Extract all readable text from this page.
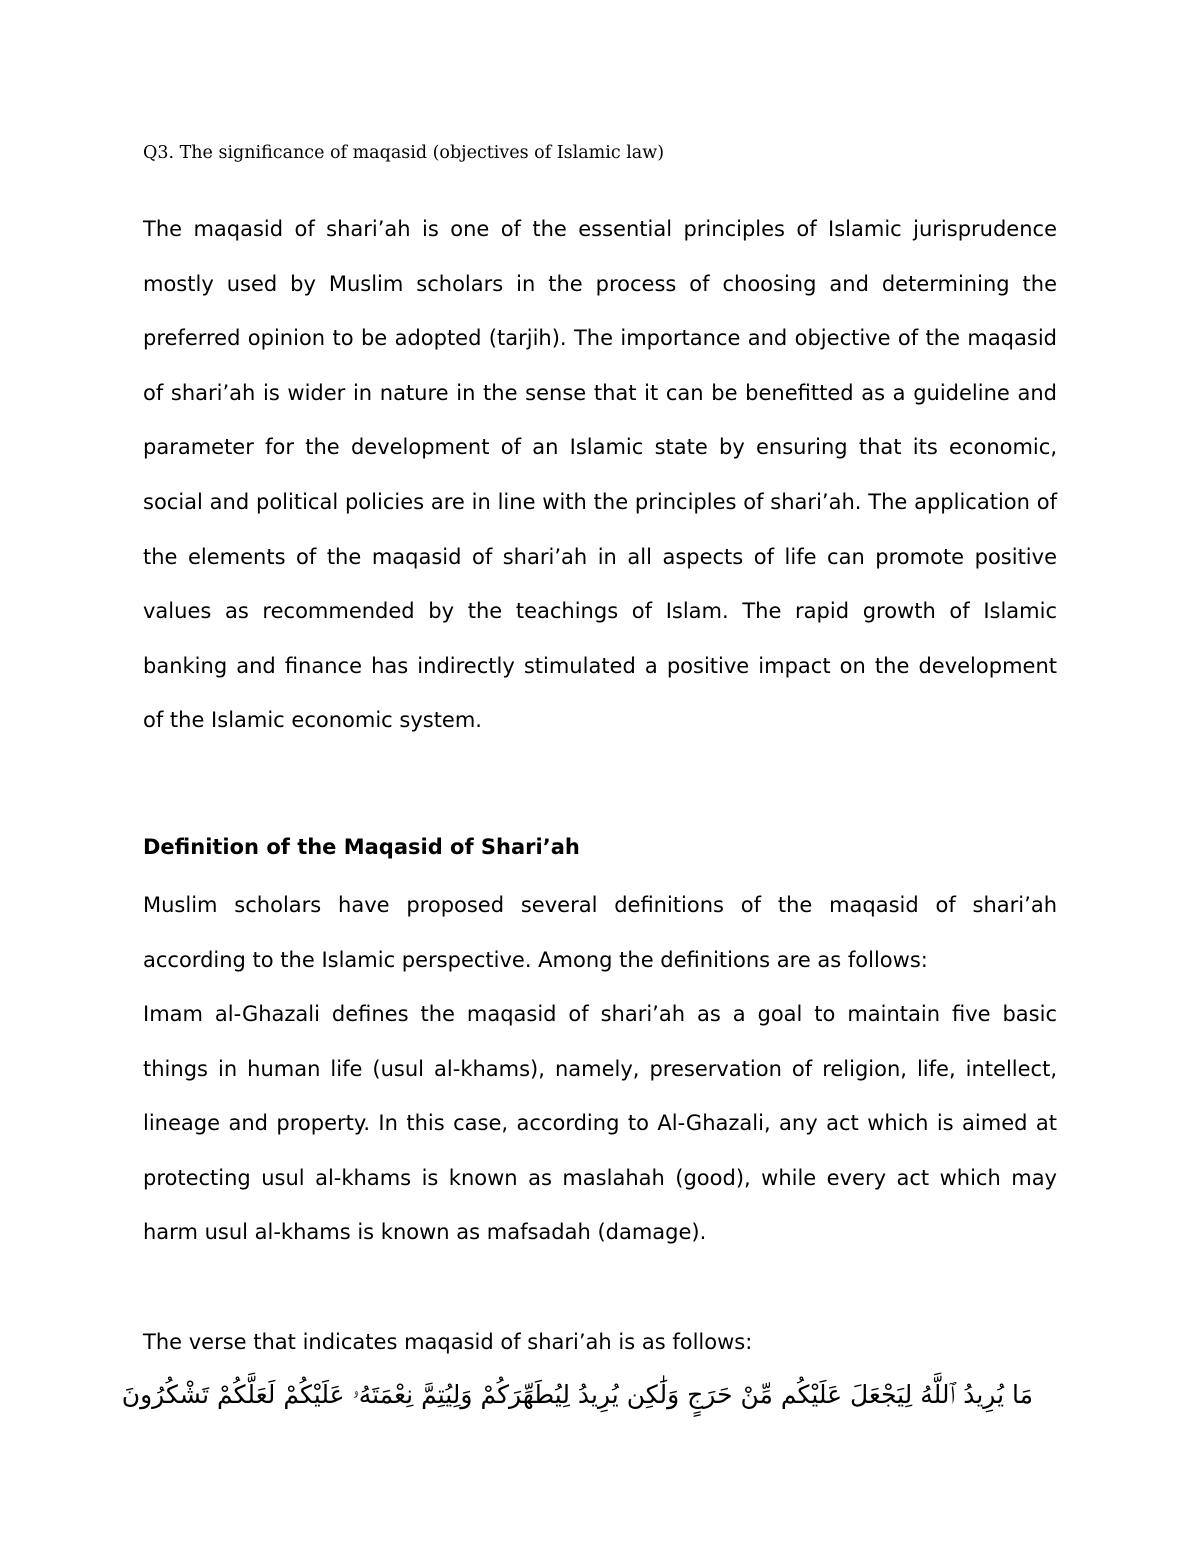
Q3. The significance of maqasid (objectives of Islamic law)

The maqasid of shari’ah is one of the essential principles of Islamic jurisprudence mostly used by Muslim scholars in the process of choosing and determining the preferred opinion to be adopted (tarjih). The importance and objective of the maqasid of shari’ah is wider in nature in the sense that it can be benefitted as a guideline and parameter for the development of an Islamic state by ensuring that its economic, social and political policies are in line with the principles of shari’ah. The application of the elements of the maqasid of shari’ah in all aspects of life can promote positive values as recommended by the teachings of Islam. The rapid growth of Islamic banking and finance has indirectly stimulated a positive impact on the development of the Islamic economic system.

Definition of the Maqasid of Shari’ah

Muslim scholars have proposed several definitions of the maqasid of shari’ah according to the Islamic perspective. Among the definitions are as follows:

Imam al-Ghazali defines the maqasid of shari’ah as a goal to maintain five basic things in human life (usul al-khams), namely, preservation of religion, life, intellect, lineage and property. In this case, according to Al-Ghazali, any act which is aimed at protecting usul al-khams is known as maslahah (good), while every act which may harm usul al-khams is known as mafsadah (damage).

The verse that indicates maqasid of shari’ah is as follows:

مَا يُرِيدُ ٱللَّهُ لِيَجْعَلَ عَلَيْكُم مِّنْ حَرَجٍ وَلَٰكِن يُرِيدُ لِيُطَهِّرَكُمْ وَلِيُتِمَّ نِعْمَتَهُۥ عَلَيْكُمْ لَعَلَّكُمْ تَشْكُرُونَ
